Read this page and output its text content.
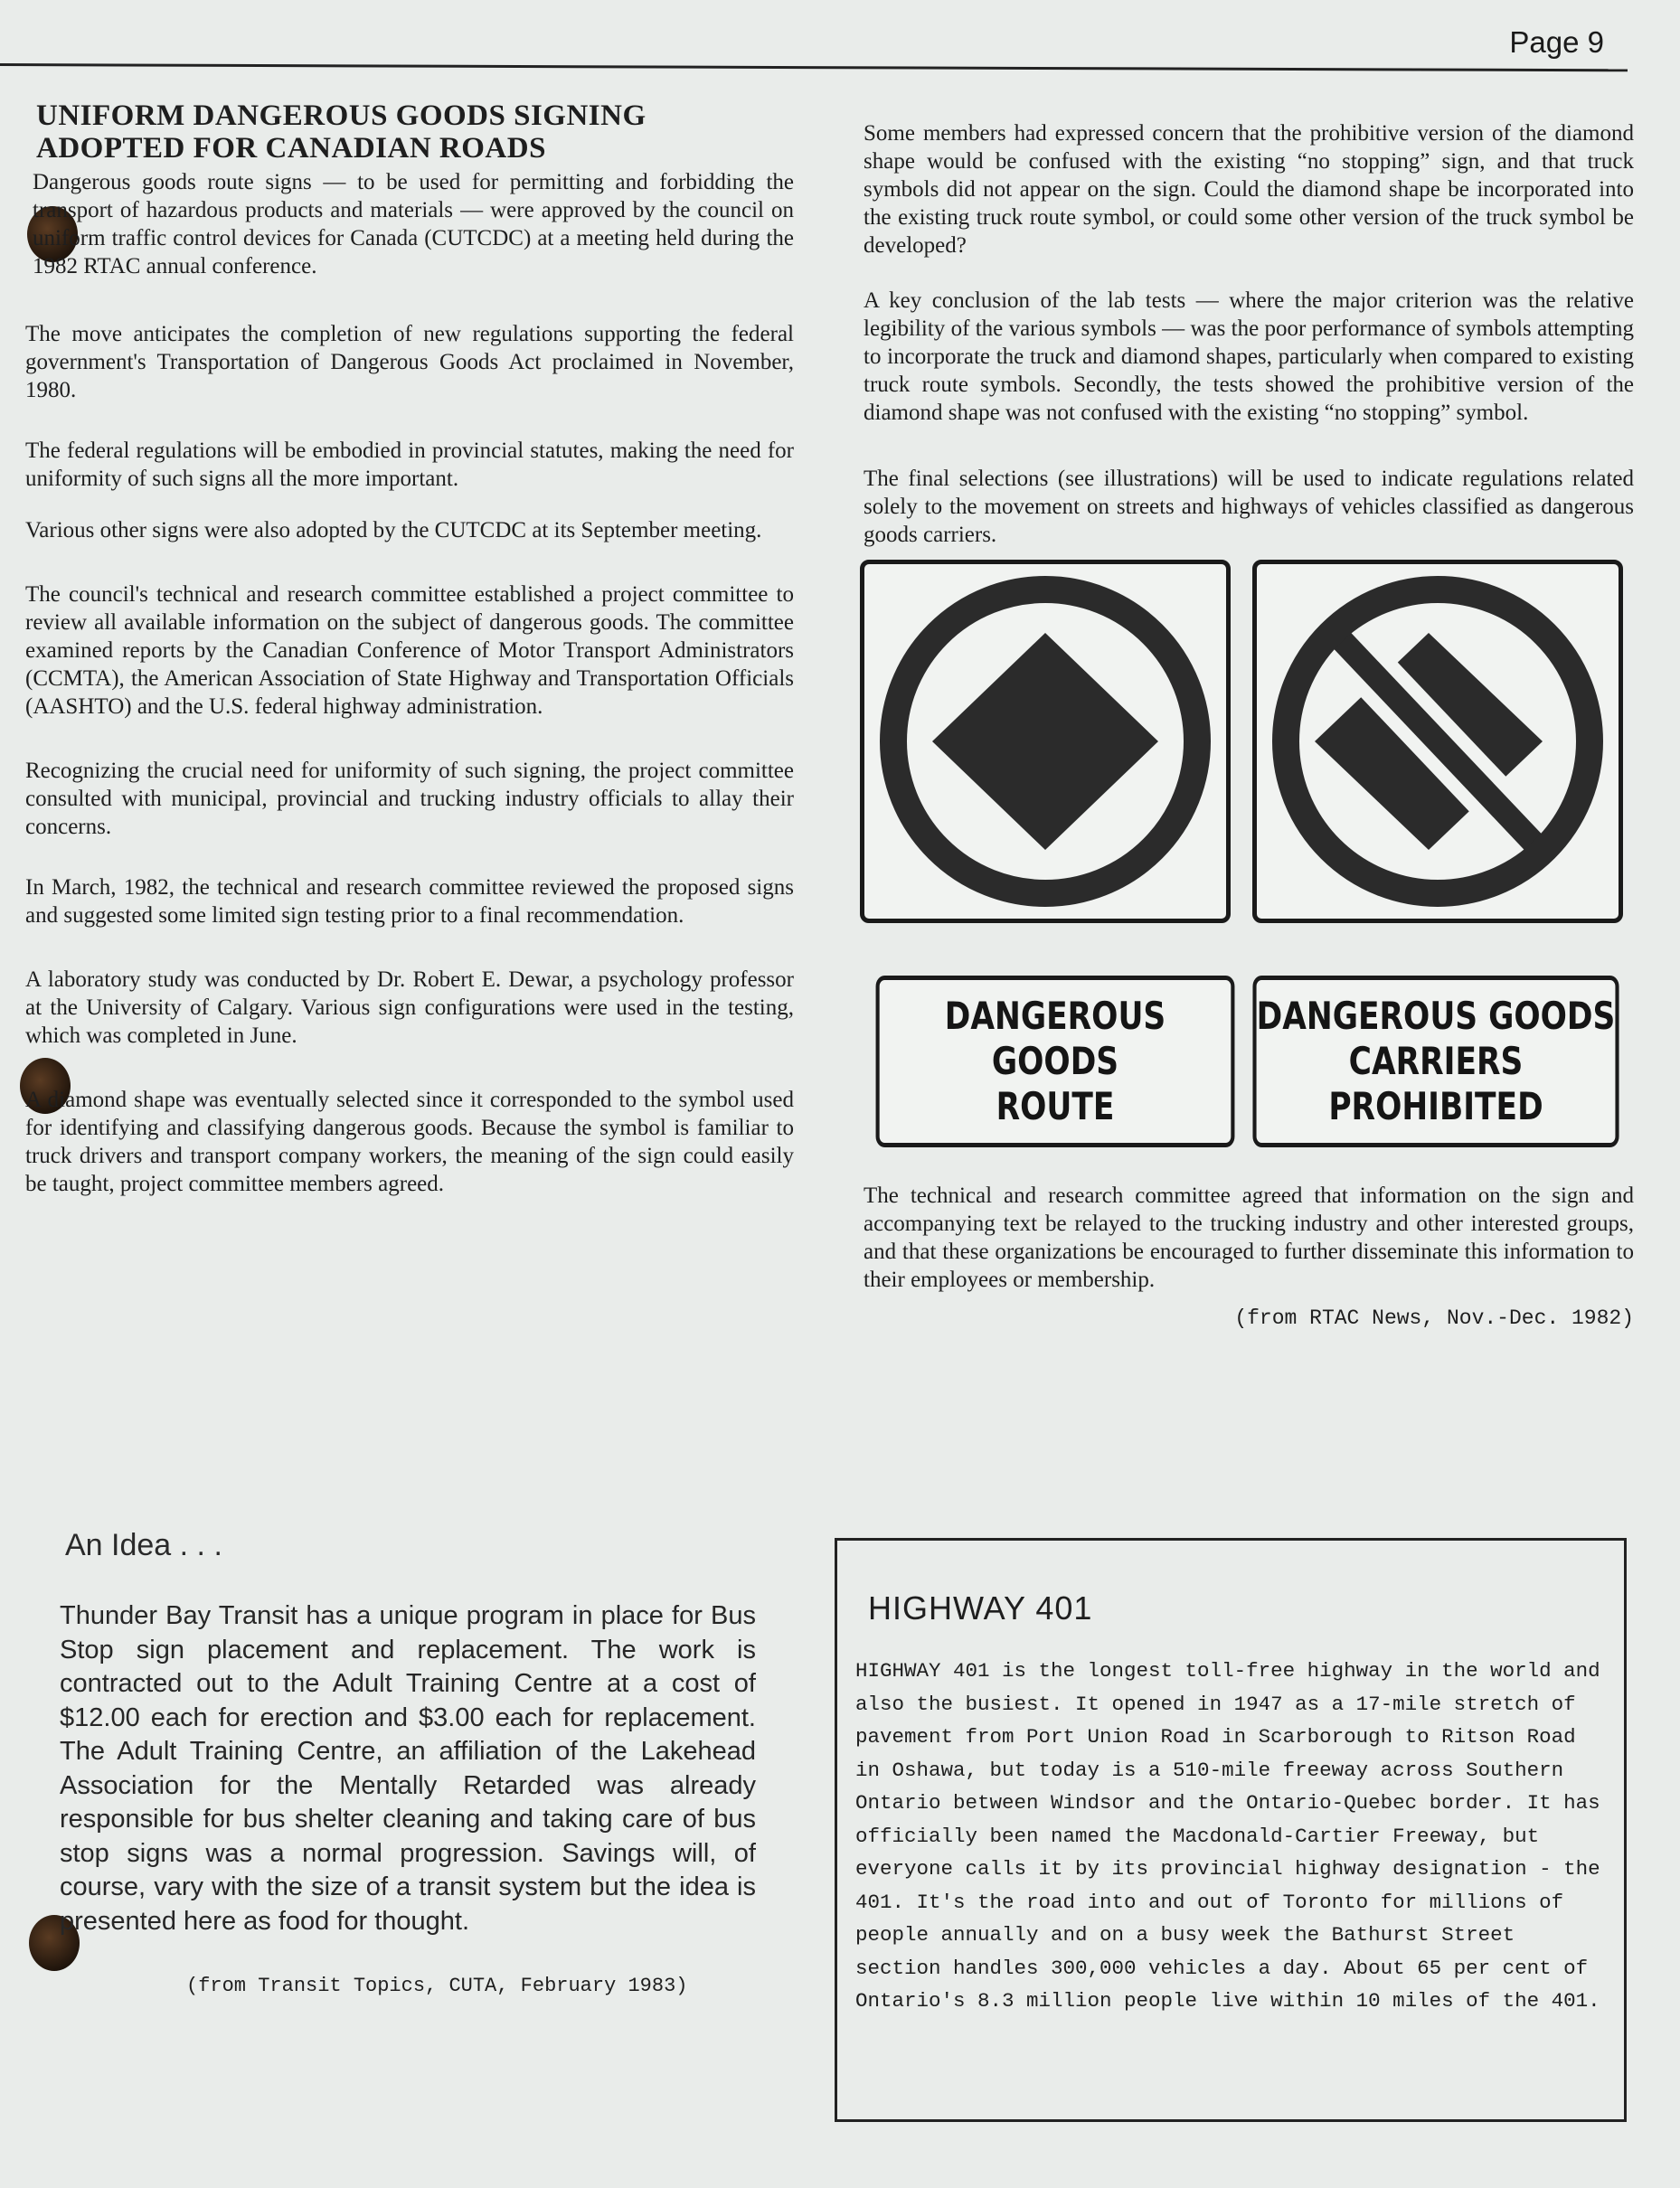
Page 9
UNIFORM DANGEROUS GOODS SIGNING
ADOPTED FOR CANADIAN ROADS

Dangerous goods route signs — to be used for permitting and forbidding the transport of hazardous products and materials — were approved by the council on uniform traffic control devices for Canada (CUTCDC) at a meeting held during the 1982 RTAC annual conference.

The move anticipates the completion of new regulations supporting the federal government's Transportation of Dangerous Goods Act proclaimed in November, 1980.

The federal regulations will be embodied in provincial statutes, making the need for uniformity of such signs all the more important.

Various other signs were also adopted by the CUTCDC at its September meeting.

The council's technical and research committee established a project committee to review all available information on the subject of dangerous goods. The committee examined reports by the Canadian Conference of Motor Transport Administrators (CCMTA), the American Association of State Highway and Transportation Officials (AASHTO) and the U.S. federal highway administration.

Recognizing the crucial need for uniformity of such signing, the project committee consulted with municipal, provincial and trucking industry officials to allay their concerns.

In March, 1982, the technical and research committee reviewed the proposed signs and suggested some limited sign testing prior to a final recommendation.

A laboratory study was conducted by Dr. Robert E. Dewar, a psychology professor at the University of Calgary. Various sign configurations were used in the testing, which was completed in June.

A diamond shape was eventually selected since it corresponded to the symbol used for identifying and classifying dangerous goods. Because the symbol is familiar to truck drivers and transport company workers, the meaning of the sign could easily be taught, project committee members agreed.

Some members had expressed concern that the prohibitive version of the diamond shape would be confused with the existing “no stopping” sign, and that truck symbols did not appear on the sign. Could the diamond shape be incorporated into the existing truck route symbol, or could some other version of the truck symbol be developed?

A key conclusion of the lab tests — where the major criterion was the relative legibility of the various symbols — was the poor performance of symbols attempting to incorporate the truck and diamond shapes, particularly when compared to existing truck route symbols. Secondly, the tests showed the prohibitive version of the diamond shape was not confused with the existing “no stopping” symbol.

The final selections (see illustrations) will be used to indicate regulations related solely to the movement on streets and highways of vehicles classified as dangerous goods carriers.

DANGEROUS GOODS
ROUTE
DANGEROUS GOODS
CARRIERS
PROHIBITED

The technical and research committee agreed that information on the sign and accompanying text be relayed to the trucking industry and other interested groups, and that these organizations be encouraged to further disseminate this information to their employees or membership.

(from RTAC News, Nov.-Dec. 1982)
An Idea . . .

Thunder Bay Transit has a unique program in place for Bus Stop sign placement and replacement. The work is contracted out to the Adult Training Centre at a cost of $12.00 each for erection and $3.00 each for replacement. The Adult Training Centre, an affiliation of the Lakehead Association for the Mentally Retarded was already responsible for bus shelter cleaning and taking care of bus stop signs was a normal progression. Savings will, of course, vary with the size of a transit system but the idea is presented here as food for thought.

(from Transit Topics, CUTA, February 1983)
HIGHWAY 401

HIGHWAY 401 is the longest toll-free highway in the world and also the busiest. It opened in 1947 as a 17-mile stretch of pavement from Port Union Road in Scarborough to Ritson Road in Oshawa, but today is a 510-mile freeway across Southern Ontario between Windsor and the Ontario-Quebec border. It has officially been named the Macdonald-Cartier Freeway, but everyone calls it by its provincial highway designation - the 401. It's the road into and out of Toronto for millions of people annually and on a busy week the Bathurst Street section handles 300,000 vehicles a day. About 65 per cent of Ontario's 8.3 million people live within 10 miles of the 401.
